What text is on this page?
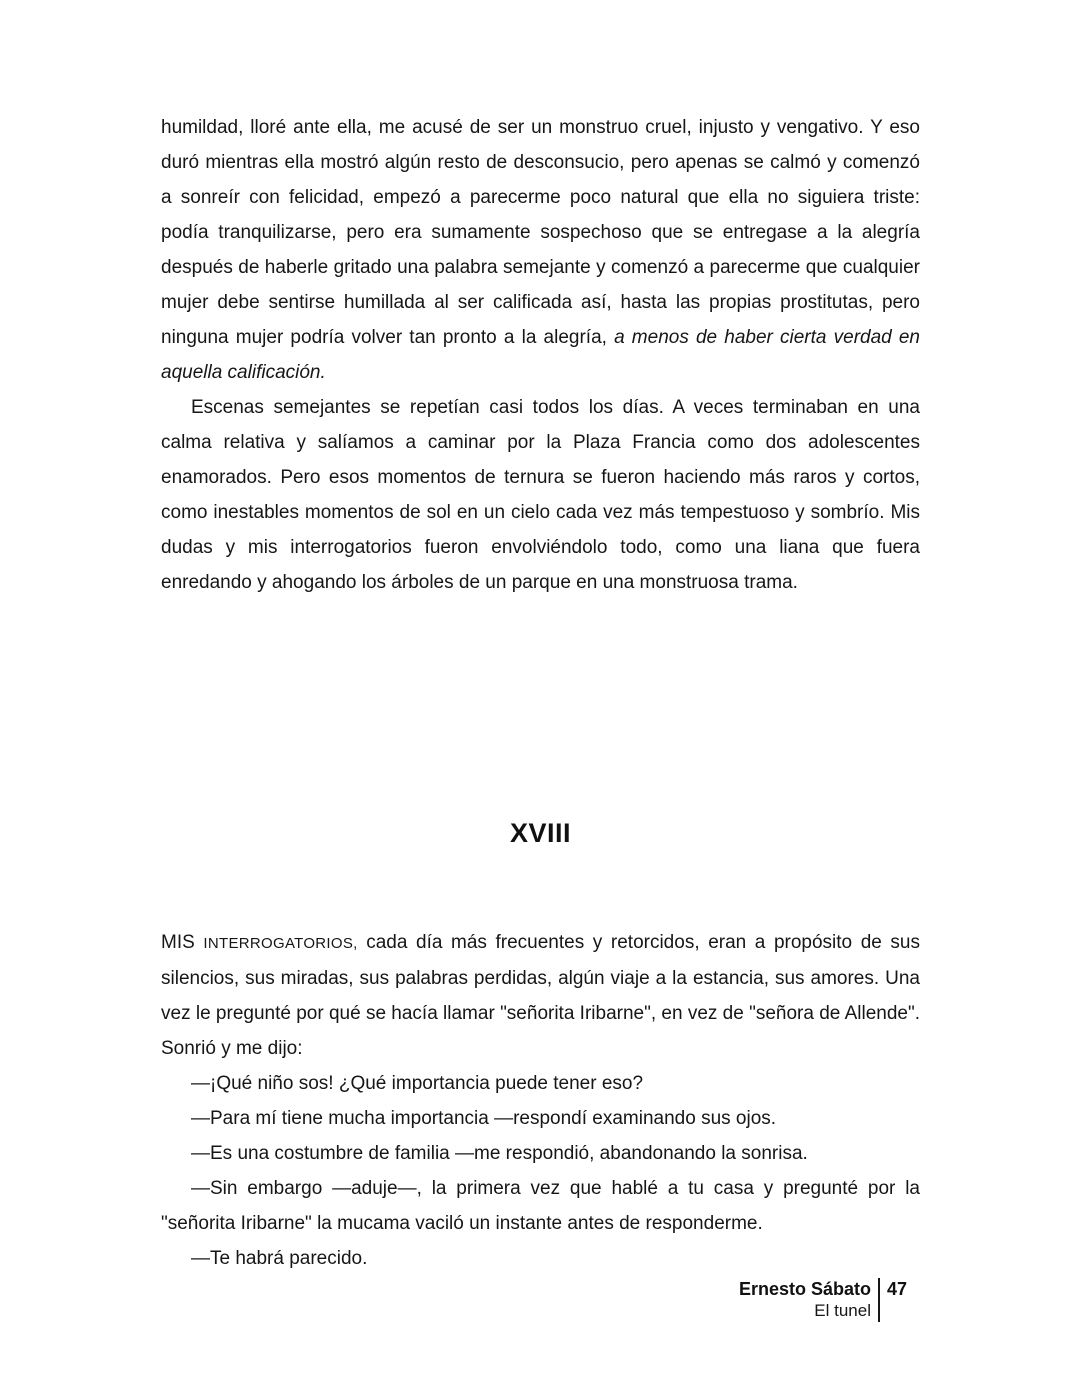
humildad, lloré ante ella, me acusé de ser un monstruo cruel, injusto y vengativo. Y eso duró mientras ella mostró algún resto de desconsucio, pero apenas se calmó y comenzó a sonreír con felicidad, empezó a parecerme poco natural que ella no siguiera triste: podía tranquilizarse, pero era sumamente sospechoso que se entregase a la alegría después de haberle gritado una palabra semejante y comenzó a parecerme que cualquier mujer debe sentirse humillada al ser calificada así, hasta las propias prostitutas, pero ninguna mujer podría volver tan pronto a la alegría, a menos de haber cierta verdad en aquella calificación.

Escenas semejantes se repetían casi todos los días. A veces terminaban en una calma relativa y salíamos a caminar por la Plaza Francia como dos adolescentes enamorados. Pero esos momentos de ternura se fueron haciendo más raros y cortos, como inestables momentos de sol en un cielo cada vez más tempestuoso y sombrío. Mis dudas y mis interrogatorios fueron envolviéndolo todo, como una liana que fuera enredando y ahogando los árboles de un parque en una monstruosa trama.

XVIII

MIS INTERROGATORIOS, cada día más frecuentes y retorcidos, eran a propósito de sus silencios, sus miradas, sus palabras perdidas, algún viaje a la estancia, sus amores. Una vez le pregunté por qué se hacía llamar "señorita Iribarne", en vez de "señora de Allende". Sonrió y me dijo:

—¡Qué niño sos! ¿Qué importancia puede tener eso?

—Para mí tiene mucha importancia —respondí examinando sus ojos.

—Es una costumbre de familia —me respondió, abandonando la sonrisa.

—Sin embargo —aduje—, la primera vez que hablé a tu casa y pregunté por la "señorita Iribarne" la mucama vaciló un instante antes de responderme.

—Te habrá parecido.

Ernesto Sábato
El tunel
47
